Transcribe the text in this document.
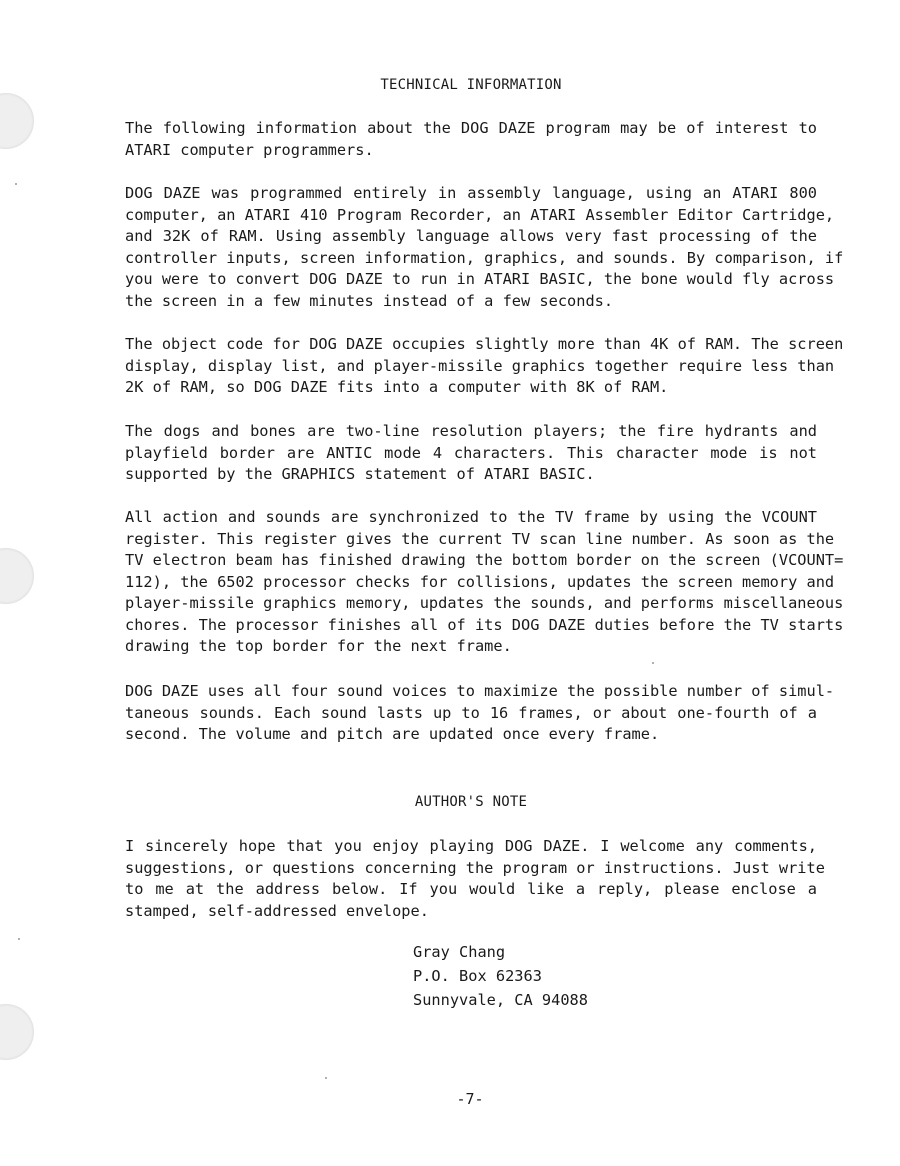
TECHNICAL INFORMATION
The following information about the DOG DAZE program may be of interest to
ATARI computer programmers.
DOG DAZE was programmed entirely in assembly language, using an ATARI 800
computer, an ATARI 410 Program Recorder, an ATARI Assembler Editor Cartridge,
and 32K of RAM. Using assembly language allows very fast processing of the
controller inputs, screen information, graphics, and sounds. By comparison, if
you were to convert DOG DAZE to run in ATARI BASIC, the bone would fly across
the screen in a few minutes instead of a few seconds.
The object code for DOG DAZE occupies slightly more than 4K of RAM. The screen
display, display list, and player-missile graphics together require less than
2K of RAM, so DOG DAZE fits into a computer with 8K of RAM.
The dogs and bones are two-line resolution players; the fire hydrants and
playfield border are ANTIC mode 4 characters. This character mode is not
supported by the GRAPHICS statement of ATARI BASIC.
All action and sounds are synchronized to the TV frame by using the VCOUNT
register. This register gives the current TV scan line number. As soon as the
TV electron beam has finished drawing the bottom border on the screen (VCOUNT=
112), the 6502 processor checks for collisions, updates the screen memory and
player-missile graphics memory, updates the sounds, and performs miscellaneous
chores. The processor finishes all of its DOG DAZE duties before the TV starts
drawing the top border for the next frame.
DOG DAZE uses all four sound voices to maximize the possible number of simul-
taneous sounds. Each sound lasts up to 16 frames, or about one-fourth of a
second. The volume and pitch are updated once every frame.
AUTHOR'S NOTE
I sincerely hope that you enjoy playing DOG DAZE. I welcome any comments,
suggestions, or questions concerning the program or instructions. Just write
to me at the address below. If you would like a reply, please enclose a
stamped, self-addressed envelope.
Gray Chang
P.O. Box 62363
Sunnyvale, CA 94088
-7-
